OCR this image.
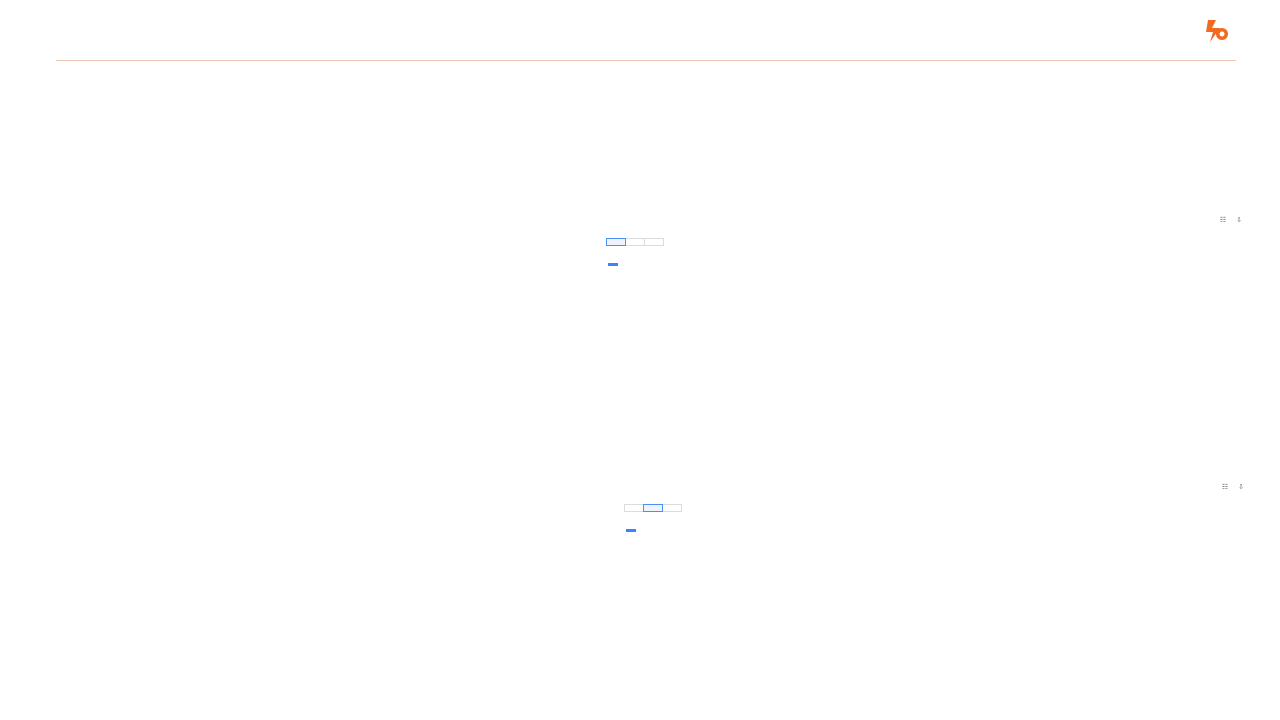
☷ ⇩
☷ ⇩
